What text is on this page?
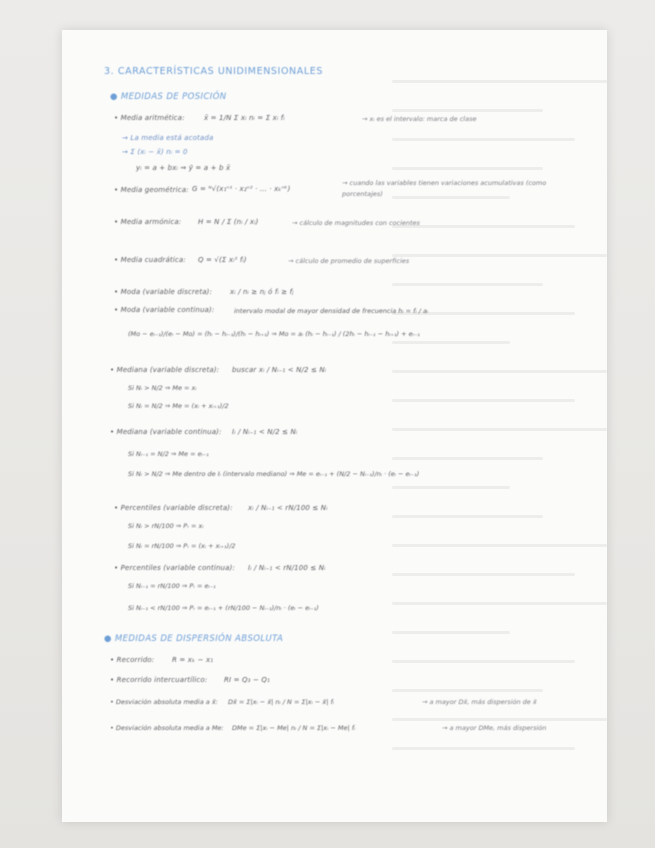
3. CARACTERÍSTICAS UNIDIMENSIONALES
● MEDIDAS DE POSICIÓN
• Media aritmética:	x̄ = 1/N Σ xᵢ nᵢ = Σ xᵢ fᵢ	→ xᵢ es el intervalo: marca de clase
→ La media está acotada
→ Σ (xᵢ − x̄) nᵢ = 0
yᵢ = a + bxᵢ ⇒ ȳ = a + b x̄
• Media geométrica: G = ᴺ√(x₁ⁿ¹ · x₂ⁿ² · … · xₖⁿᵏ)
→ cuando las variables tienen variaciones acumulativas (como porcentajes)
• Media armónica: H = N / Σ (nᵢ / xᵢ)	→ cálculo de magnitudes con cocientes
• Media cuadrática: Q = √(Σ xᵢ² fᵢ)	→ cálculo de promedio de superficies
• Moda (variable discreta):	xᵢ / nᵢ ≥ nⱼ ó fᵢ ≥ fⱼ
• Moda (variable continua):	intervalo modal de mayor densidad de frecuencia hᵢ = fᵢ / aᵢ
(Mo − eᵢ₋₁)/(eᵢ − Mo) = (hᵢ − hᵢ₋₁)/(hᵢ − hᵢ₊₁) ⇒ Mo = aᵢ (hᵢ − hᵢ₋₁) / (2hᵢ − hᵢ₋₁ − hᵢ₊₁) + eᵢ₋₁
• Mediana (variable discreta): buscar xᵢ / Nᵢ₋₁ < N/2 ≤ Nᵢ
Si Nᵢ > N/2 ⇒ Me = xᵢ
Si Nᵢ = N/2 ⇒ Me = (xᵢ + xᵢ₊₁)/2
• Mediana (variable continua): Iᵢ / Nᵢ₋₁ < N/2 ≤ Nᵢ
Si Nᵢ₋₁ = N/2 ⇒ Me = eᵢ₋₁
Si Nᵢ > N/2 ⇒ Me dentro de Iᵢ (intervalo mediano) ⇒ Me = eᵢ₋₁ + (N/2 − Nᵢ₋₁)/nᵢ · (eᵢ − eᵢ₋₁)
• Percentiles (variable discreta): xᵢ / Nᵢ₋₁ < rN/100 ≤ Nᵢ
Si Nᵢ > rN/100 ⇒ Pᵣ = xᵢ
Si Nᵢ = rN/100 ⇒ Pᵣ = (xᵢ + xᵢ₊₁)/2
• Percentiles (variable continua): Iᵢ / Nᵢ₋₁ < rN/100 ≤ Nᵢ
Si Nᵢ₋₁ = rN/100 ⇒ Pᵣ = eᵢ₋₁
Si Nᵢ₋₁ < rN/100 ⇒ Pᵣ = eᵢ₋₁ + (rN/100 − Nᵢ₋₁)/nᵢ · (eᵢ − eᵢ₋₁)
● MEDIDAS DE DISPERSIÓN ABSOLUTA
• Recorrido:	R = xₖ − x₁
• Recorrido intercuartílico: RI = Q₃ − Q₁
• Desviación absoluta media a x̄: Dx̄ = Σ|xᵢ − x̄| nᵢ / N = Σ|xᵢ − x̄| fᵢ	→ a mayor Dx̄, más dispersión de x̄
• Desviación absoluta media a Me: DMe = Σ|xᵢ − Me| nᵢ / N = Σ|xᵢ − Me| fᵢ	→ a mayor DMe, más dispersión
